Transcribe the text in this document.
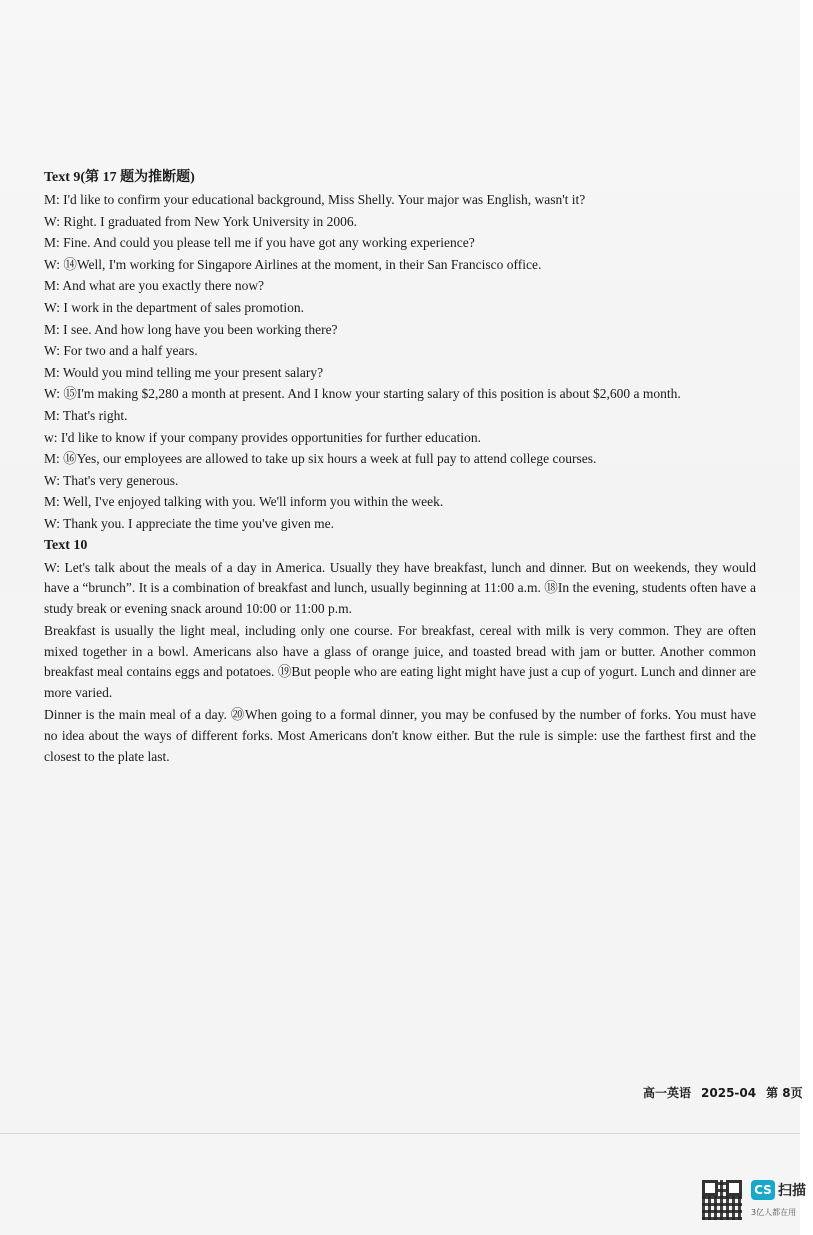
Text 9(第 17 题为推断题)
M: I'd like to confirm your educational background, Miss Shelly. Your major was English, wasn't it?
W: Right. I graduated from New York University in 2006.
M: Fine. And could you please tell me if you have got any working experience?
W: ⑭Well, I'm working for Singapore Airlines at the moment, in their San Francisco office.
M: And what are you exactly there now?
W: I work in the department of sales promotion.
M: I see. And how long have you been working there?
W: For two and a half years.
M: Would you mind telling me your present salary?
W: ⑮I'm making $2,280 a month at present. And I know your starting salary of this position is about $2,600 a month.
M: That's right.
w: I'd like to know if your company provides opportunities for further education.
M: ⑯Yes, our employees are allowed to take up six hours a week at full pay to attend college courses.
W: That's very generous.
M: Well, I've enjoyed talking with you. We'll inform you within the week.
W: Thank you. I appreciate the time you've given me.
Text 10
W: Let's talk about the meals of a day in America. Usually they have breakfast, lunch and dinner. But on weekends, they would have a “brunch”. It is a combination of breakfast and lunch, usually beginning at 11:00 a.m. ⑱In the evening, students often have a study break or evening snack around 10:00 or 11:00 p.m.
Breakfast is usually the light meal, including only one course. For breakfast, cereal with milk is very common. They are often mixed together in a bowl. Americans also have a glass of orange juice, and toasted bread with jam or butter. Another common breakfast meal contains eggs and potatoes. ⑲But people who are eating light might have just a cup of yogurt. Lunch and dinner are more varied.
Dinner is the main meal of a day. ⑳When going to a formal dinner, you may be confused by the number of forks. You must have no idea about the ways of different forks. Most Americans don't know either. But the rule is simple: use the farthest first and the closest to the plate last.
高一英语 2025-04 第 8页
CS 扫描
3亿人都在用
